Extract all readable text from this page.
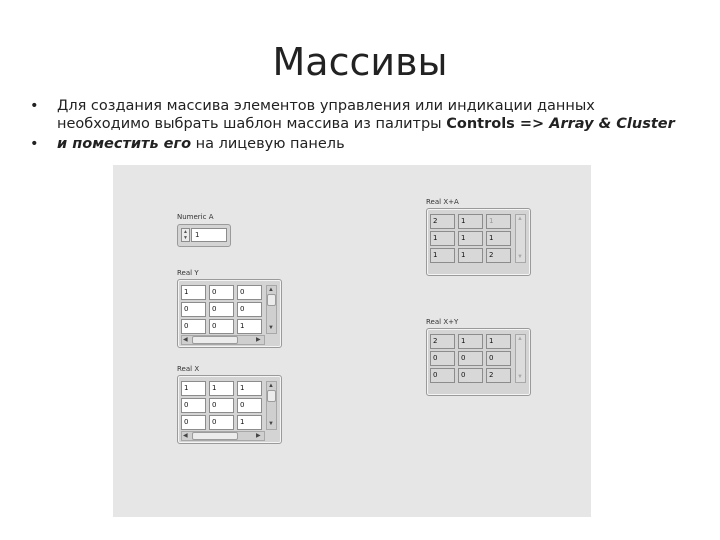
Массивы
• Для создания массива элементов управления или индикации данных
необходимо выбрать шаблон массива из палитры Controls => Array & Cluster
• и поместить его на лицевую панель
Numeric A
▲
▼	1
Real Y
1	0	0
0	0	0
0	0	1
▲
▼
◀	▶
Real X
1	1	1
0	0	0
0	0	1
▲
▼
◀	▶
Real X+A
2	1	1
1	1	1
1	1	2
▲
▼
Real X+Y
2	1	1
0	0	0
0	0	2
▲
▼
